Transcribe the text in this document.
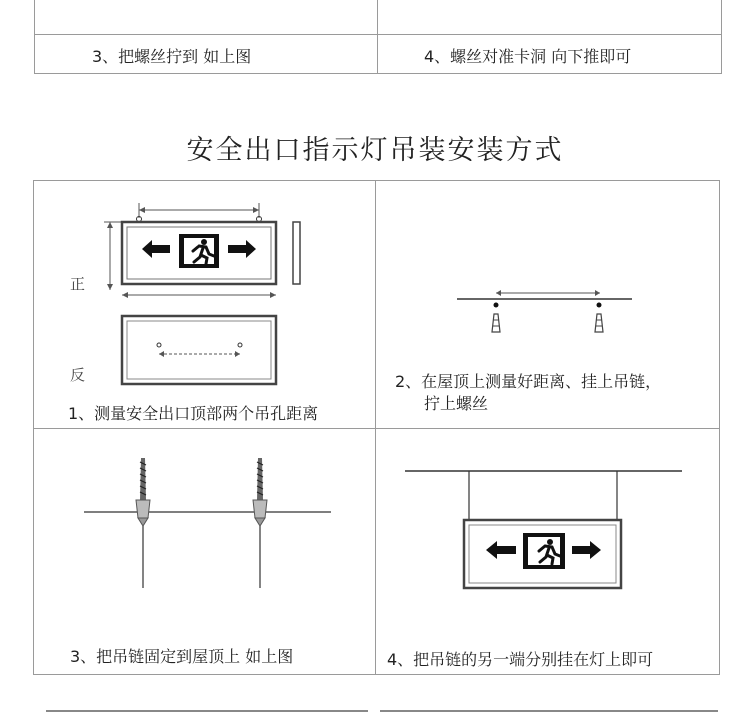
3、把螺丝拧到 如上图	4、螺丝对准卡洞 向下推即可
安全出口指示灯吊装安装方式
正
反
1、测量安全出口顶部两个吊孔距离
2、在屋顶上测量好距离、挂上吊链，
拧上螺丝
3、把吊链固定到屋顶上 如上图	4、把吊链的另一端分别挂在灯上即可
